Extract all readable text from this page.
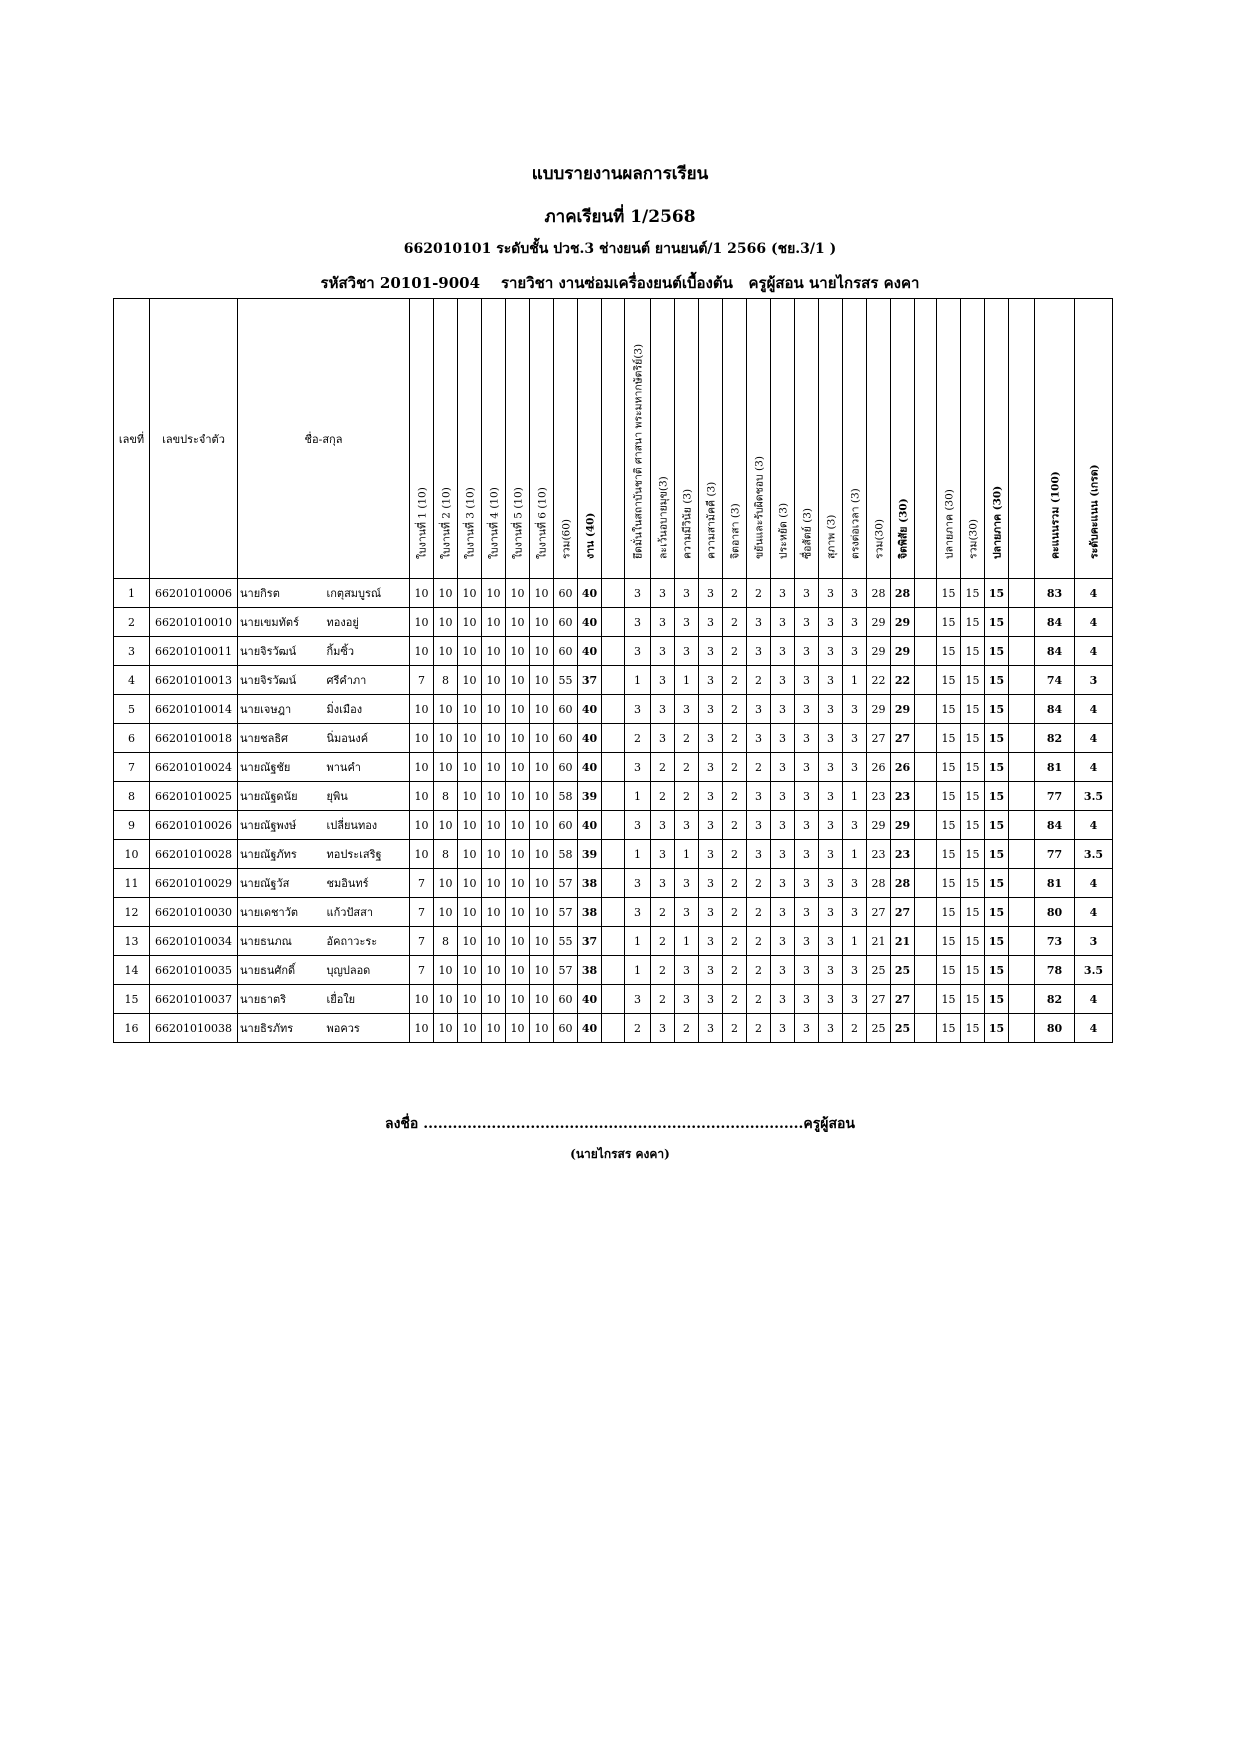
แบบรายงานผลการเรียน
ภาคเรียนที่ 1/2568
662010101 ระดับชั้น ปวช.3 ช่างยนต์ ยานยนต์/1 2566 (ชย.3/1 )
รหัสวิชา 20101-9004    รายวิชา งานซ่อมเครื่องยนต์เบื้องต้น   ครูผู้สอน นายไกรสร คงคา
เลขที่	เลขประจำตัว	ชื่อ-สกุล		ใบงานที่ 1 (10)	ใบงานที่ 2 (10)	ใบงานที่ 3 (10)	ใบงานที่ 4 (10)	ใบงานที่ 5 (10)	ใบงานที่ 6 (10)	รวม(60)	งาน (40)		ยึดมั่นในสถาบันชาติ ศาสนา พระมหากษัตริย์(3)	ละเว้นอบายมุข(3)	ความมีวินัย (3)	ความสามัคคี (3)	จิตอาสา (3)	ขยันและรับผิดชอบ (3)	ประหยัด (3)	ซื่อสัตย์ (3)	สุภาพ (3)	ตรงต่อเวลา (3)	รวม(30)	จิตพิสัย (30)		ปลายภาค (30)	รวม(30)	ปลายภาค (30)		คะแนนรวม (100)	ระดับคะแนน (เกรด)

1	66201010006	นายกิรต	เกตุสมบูรณ์	10	10	10	10	10	10	60	40		3	3	3	3	2	2	3	3	3	3	28	28		15	15	15		83	4
2	66201010010	นายเขมทัตร์	ทองอยู่	10	10	10	10	10	10	60	40		3	3	3	3	2	3	3	3	3	3	29	29		15	15	15		84	4
3	66201010011	นายจิรวัฒน์	กิ้มซิ้ว	10	10	10	10	10	10	60	40		3	3	3	3	2	3	3	3	3	3	29	29		15	15	15		84	4
4	66201010013	นายจิรวัฒน์	ศรีคำภา	7	8	10	10	10	10	55	37		1	3	1	3	2	2	3	3	3	1	22	22		15	15	15		74	3
5	66201010014	นายเจษฎา	มิ่งเมือง	10	10	10	10	10	10	60	40		3	3	3	3	2	3	3	3	3	3	29	29		15	15	15		84	4
6	66201010018	นายชลธิศ	นิ่มอนงค์	10	10	10	10	10	10	60	40		2	3	2	3	2	3	3	3	3	3	27	27		15	15	15		82	4
7	66201010024	นายณัฐชัย	พานคำ	10	10	10	10	10	10	60	40		3	2	2	3	2	2	3	3	3	3	26	26		15	15	15		81	4
8	66201010025	นายณัฐดนัย	ยุพิน	10	8	10	10	10	10	58	39		1	2	2	3	2	3	3	3	3	1	23	23		15	15	15		77	3.5
9	66201010026	นายณัฐพงษ์	เปลี่ยนทอง	10	10	10	10	10	10	60	40		3	3	3	3	2	3	3	3	3	3	29	29		15	15	15		84	4
10	66201010028	นายณัฐภัทร	ทอประเสริฐ	10	8	10	10	10	10	58	39		1	3	1	3	2	3	3	3	3	1	23	23		15	15	15		77	3.5
11	66201010029	นายณัฐวัส	ชมอินทร์	7	10	10	10	10	10	57	38		3	3	3	3	2	2	3	3	3	3	28	28		15	15	15		81	4
12	66201010030	นายเดชาวัต	แก้วปัสสา	7	10	10	10	10	10	57	38		3	2	3	3	2	2	3	3	3	3	27	27		15	15	15		80	4
13	66201010034	นายธนภณ	อัคถาวะระ	7	8	10	10	10	10	55	37		1	2	1	3	2	2	3	3	3	1	21	21		15	15	15		73	3
14	66201010035	นายธนศักดิ์	บุญปลอด	7	10	10	10	10	10	57	38		1	2	3	3	2	2	3	3	3	3	25	25		15	15	15		78	3.5
15	66201010037	นายธาตริ	เยื่อใย	10	10	10	10	10	10	60	40		3	2	3	3	2	2	3	3	3	3	27	27		15	15	15		82	4
16	66201010038	นายธิรภัทร	พอควร	10	10	10	10	10	10	60	40		2	3	2	3	2	2	3	3	3	2	25	25		15	15	15		80	4
ลงชื่อ ..............................................................................ครูผู้สอน
(นายไกรสร คงคา)
